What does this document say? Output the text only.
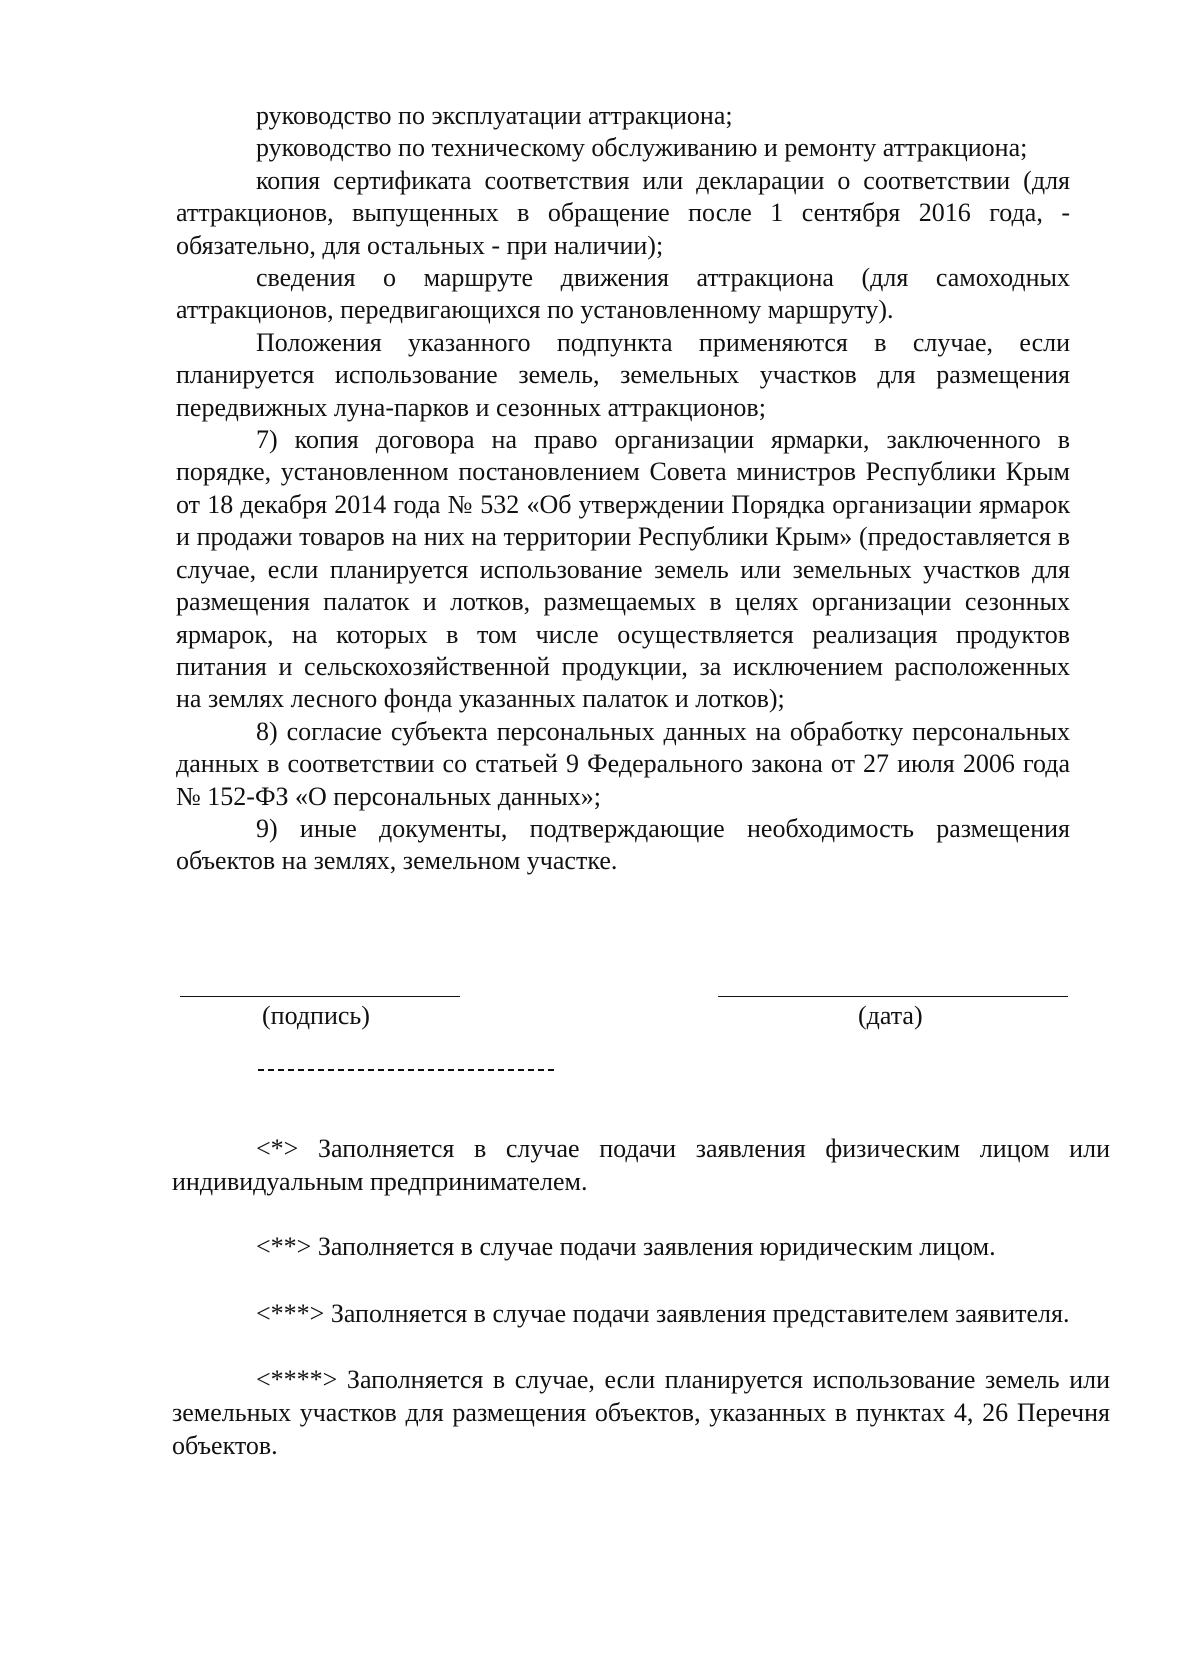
руководство по эксплуатации аттракциона;

руководство по техническому обслуживанию и ремонту аттракциона;

копия сертификата соответствия или декларации о соответствии (для аттракционов, выпущенных в обращение после 1 сентября 2016 года, - обязательно, для остальных - при наличии);

сведения о маршруте движения аттракциона (для самоходных аттракционов, передвигающихся по установленному маршруту).

Положения указанного подпункта применяются в случае, если планируется использование земель, земельных участков для размещения передвижных луна-парков и сезонных аттракционов;

7) копия договора на право организации ярмарки, заключенного в порядке, установленном постановлением Совета министров Республики Крым от 18 декабря 2014 года № 532 «Об утверждении Порядка организации ярмарок и продажи товаров на них на территории Республики Крым» (предоставляется в случае, если планируется использование земель или земельных участков для размещения палаток и лотков, размещаемых в целях организации сезонных ярмарок, на которых в том числе осуществляется реализация продуктов питания и сельскохозяйственной продукции, за исключением расположенных на землях лесного фонда указанных палаток и лотков);

8) согласие субъекта персональных данных на обработку персональных данных в соответствии со статьей 9 Федерального закона от 27 июля 2006 года № 152-ФЗ «О персональных данных»;

9) иные документы, подтверждающие необходимость размещения объектов на землях, земельном участке.

(подпись)	(дата)

<*> Заполняется в случае подачи заявления физическим лицом или индивидуальным предпринимателем.

<**> Заполняется в случае подачи заявления юридическим лицом.

<***> Заполняется в случае подачи заявления представителем заявителя.

<****> Заполняется в случае, если планируется использование земель или земельных участков для размещения объектов, указанных в пунктах 4, 26 Перечня объектов.
